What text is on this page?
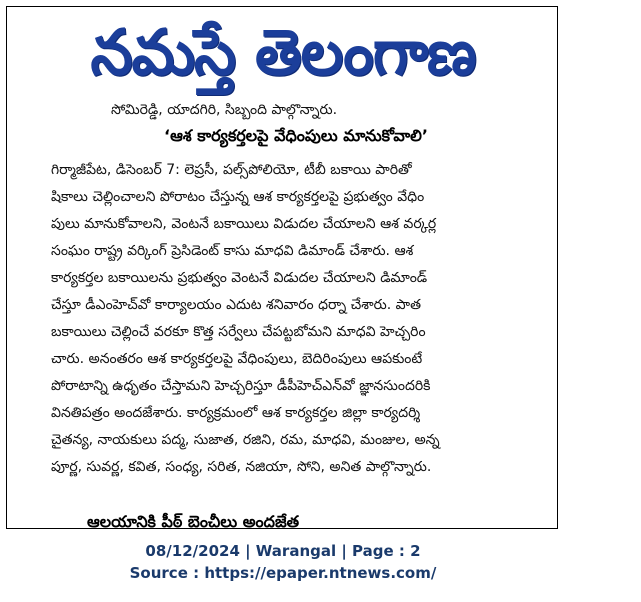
నమస్తే తెలంగాణ
సోమిరెడ్డి, యాదగిరి, సిబ్బంది పాల్గొన్నారు.
‘ఆశ కార్యకర్తలపై వేధింపులు మానుకోవాలి’
గిర్మాజీపేట, డిసెంబర్ 7: లెప్రసీ, పల్స్‌పోలియో, టీబీ బకాయి పారితో
షికాలు చెల్లించాలని పోరాటం చేస్తున్న ఆశ కార్యకర్తలపై ప్రభుత్వం వేధిం
పులు మానుకోవాలని, వెంటనే బకాయిలు విడుదల చేయాలని ఆశ వర్కర్ల
సంఘం రాష్ట్ర వర్కింగ్ ప్రెసిడెంట్ కాసు మాధవి డిమాండ్ చేశారు. ఆశ
కార్యకర్తల బకాయిలను ప్రభుత్వం వెంటనే విడుదల చేయాలని డిమాండ్
చేస్తూ డీఎంహెచ్‌వో కార్యాలయం ఎదుట శనివారం ధర్నా చేశారు. పాత
బకాయిలు చెల్లించే వరకూ కొత్త సర్వేలు చేపట్టబోమని మాధవి హెచ్చరిం
చారు. అనంతరం ఆశ కార్యకర్తలపై వేధింపులు, బెదిరింపులు ఆపకుంటే
పోరాటాన్ని ఉధృతం చేస్తామని హెచ్చరిస్తూ డీపీహెచ్‌ఎన్‌వో జ్ఞానసుందరికి
వినతిపత్రం అందజేశారు. కార్యక్రమంలో ఆశ కార్యకర్తల జిల్లా కార్యదర్శి
చైతన్య, నాయకులు పద్మ, సుజాత, రజిని, రమ, మాధవి, మంజుల, అన్న
పూర్ణ, సువర్ణ, కవిత, సంధ్య, సరిత, నజియా, సోని, అనిత పాల్గొన్నారు.
ఆలయానికి పీఠ్ బెంచీలు అందజేత
08/12/2024 | Warangal | Page : 2
Source : https://epaper.ntnews.com/
